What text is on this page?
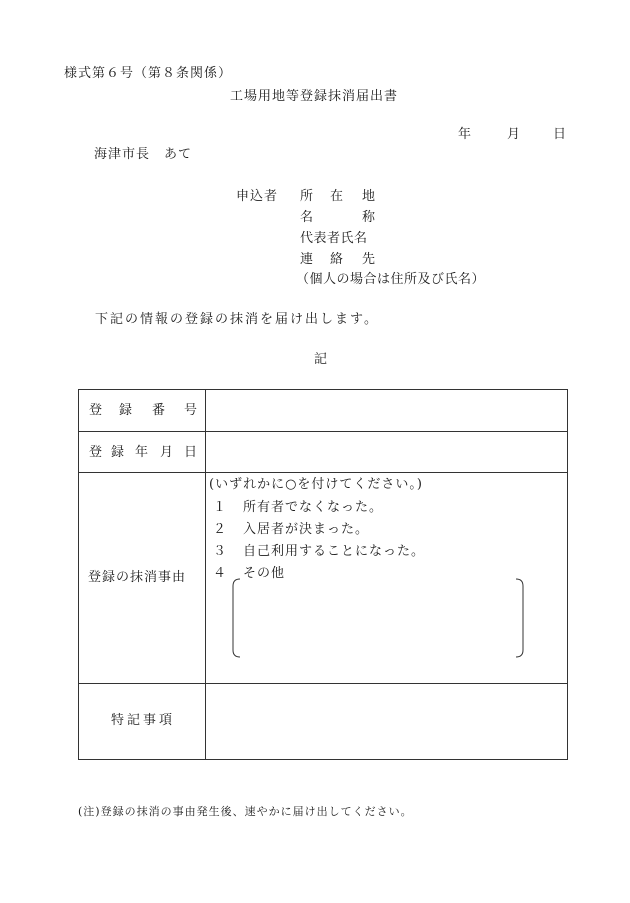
様式第６号（第８条関係）
工場用地等登録抹消届出書
年	月	日
海津市長　あて
申込者 所 在 地
名	称
代表者氏名
連 絡 先
（個人の場合は住所及び氏名）
下記の情報の登録の抹消を届け出します。
記
登 録 番 号	

登 録 年 月 日	

登録の抹消事由	(いずれかに○を付けてください。)
１ 所有者でなくなった。
２ 入居者が決まった。
３ 自己利用することになった。
４ その他

特記事項	

(注)登録の抹消の事由発生後、速やかに届け出してください。
